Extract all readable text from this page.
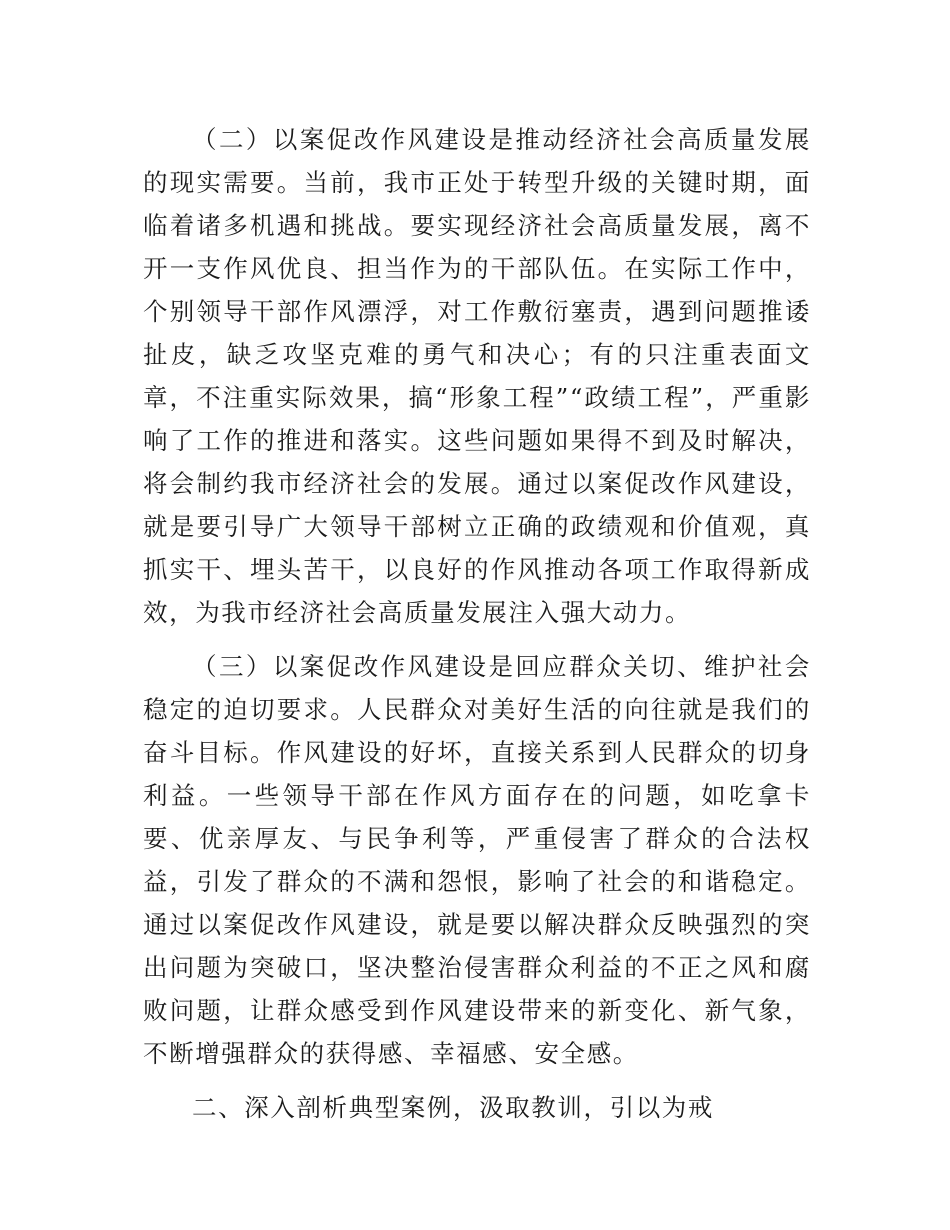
（二）以案促改作风建设是推动经济社会高质量发展的现实需要。当前，我市正处于转型升级的关键时期，面临着诸多机遇和挑战。要实现经济社会高质量发展，离不开一支作风优良、担当作为的干部队伍。在实际工作中，个别领导干部作风漂浮，对工作敷衍塞责，遇到问题推诿扯皮，缺乏攻坚克难的勇气和决心；有的只注重表面文章，不注重实际效果，搞“形象工程”“政绩工程”，严重影响了工作的推进和落实。这些问题如果得不到及时解决，将会制约我市经济社会的发展。通过以案促改作风建设，就是要引导广大领导干部树立正确的政绩观和价值观，真抓实干、埋头苦干，以良好的作风推动各项工作取得新成效，为我市经济社会高质量发展注入强大动力。

（三）以案促改作风建设是回应群众关切、维护社会稳定的迫切要求。人民群众对美好生活的向往就是我们的奋斗目标。作风建设的好坏，直接关系到人民群众的切身利益。一些领导干部在作风方面存在的问题，如吃拿卡要、优亲厚友、与民争利等，严重侵害了群众的合法权益，引发了群众的不满和怨恨，影响了社会的和谐稳定。通过以案促改作风建设，就是要以解决群众反映强烈的突出问题为突破口，坚决整治侵害群众利益的不正之风和腐败问题，让群众感受到作风建设带来的新变化、新气象，不断增强群众的获得感、幸福感、安全感。

二、深入剖析典型案例，汲取教训，引以为戒
